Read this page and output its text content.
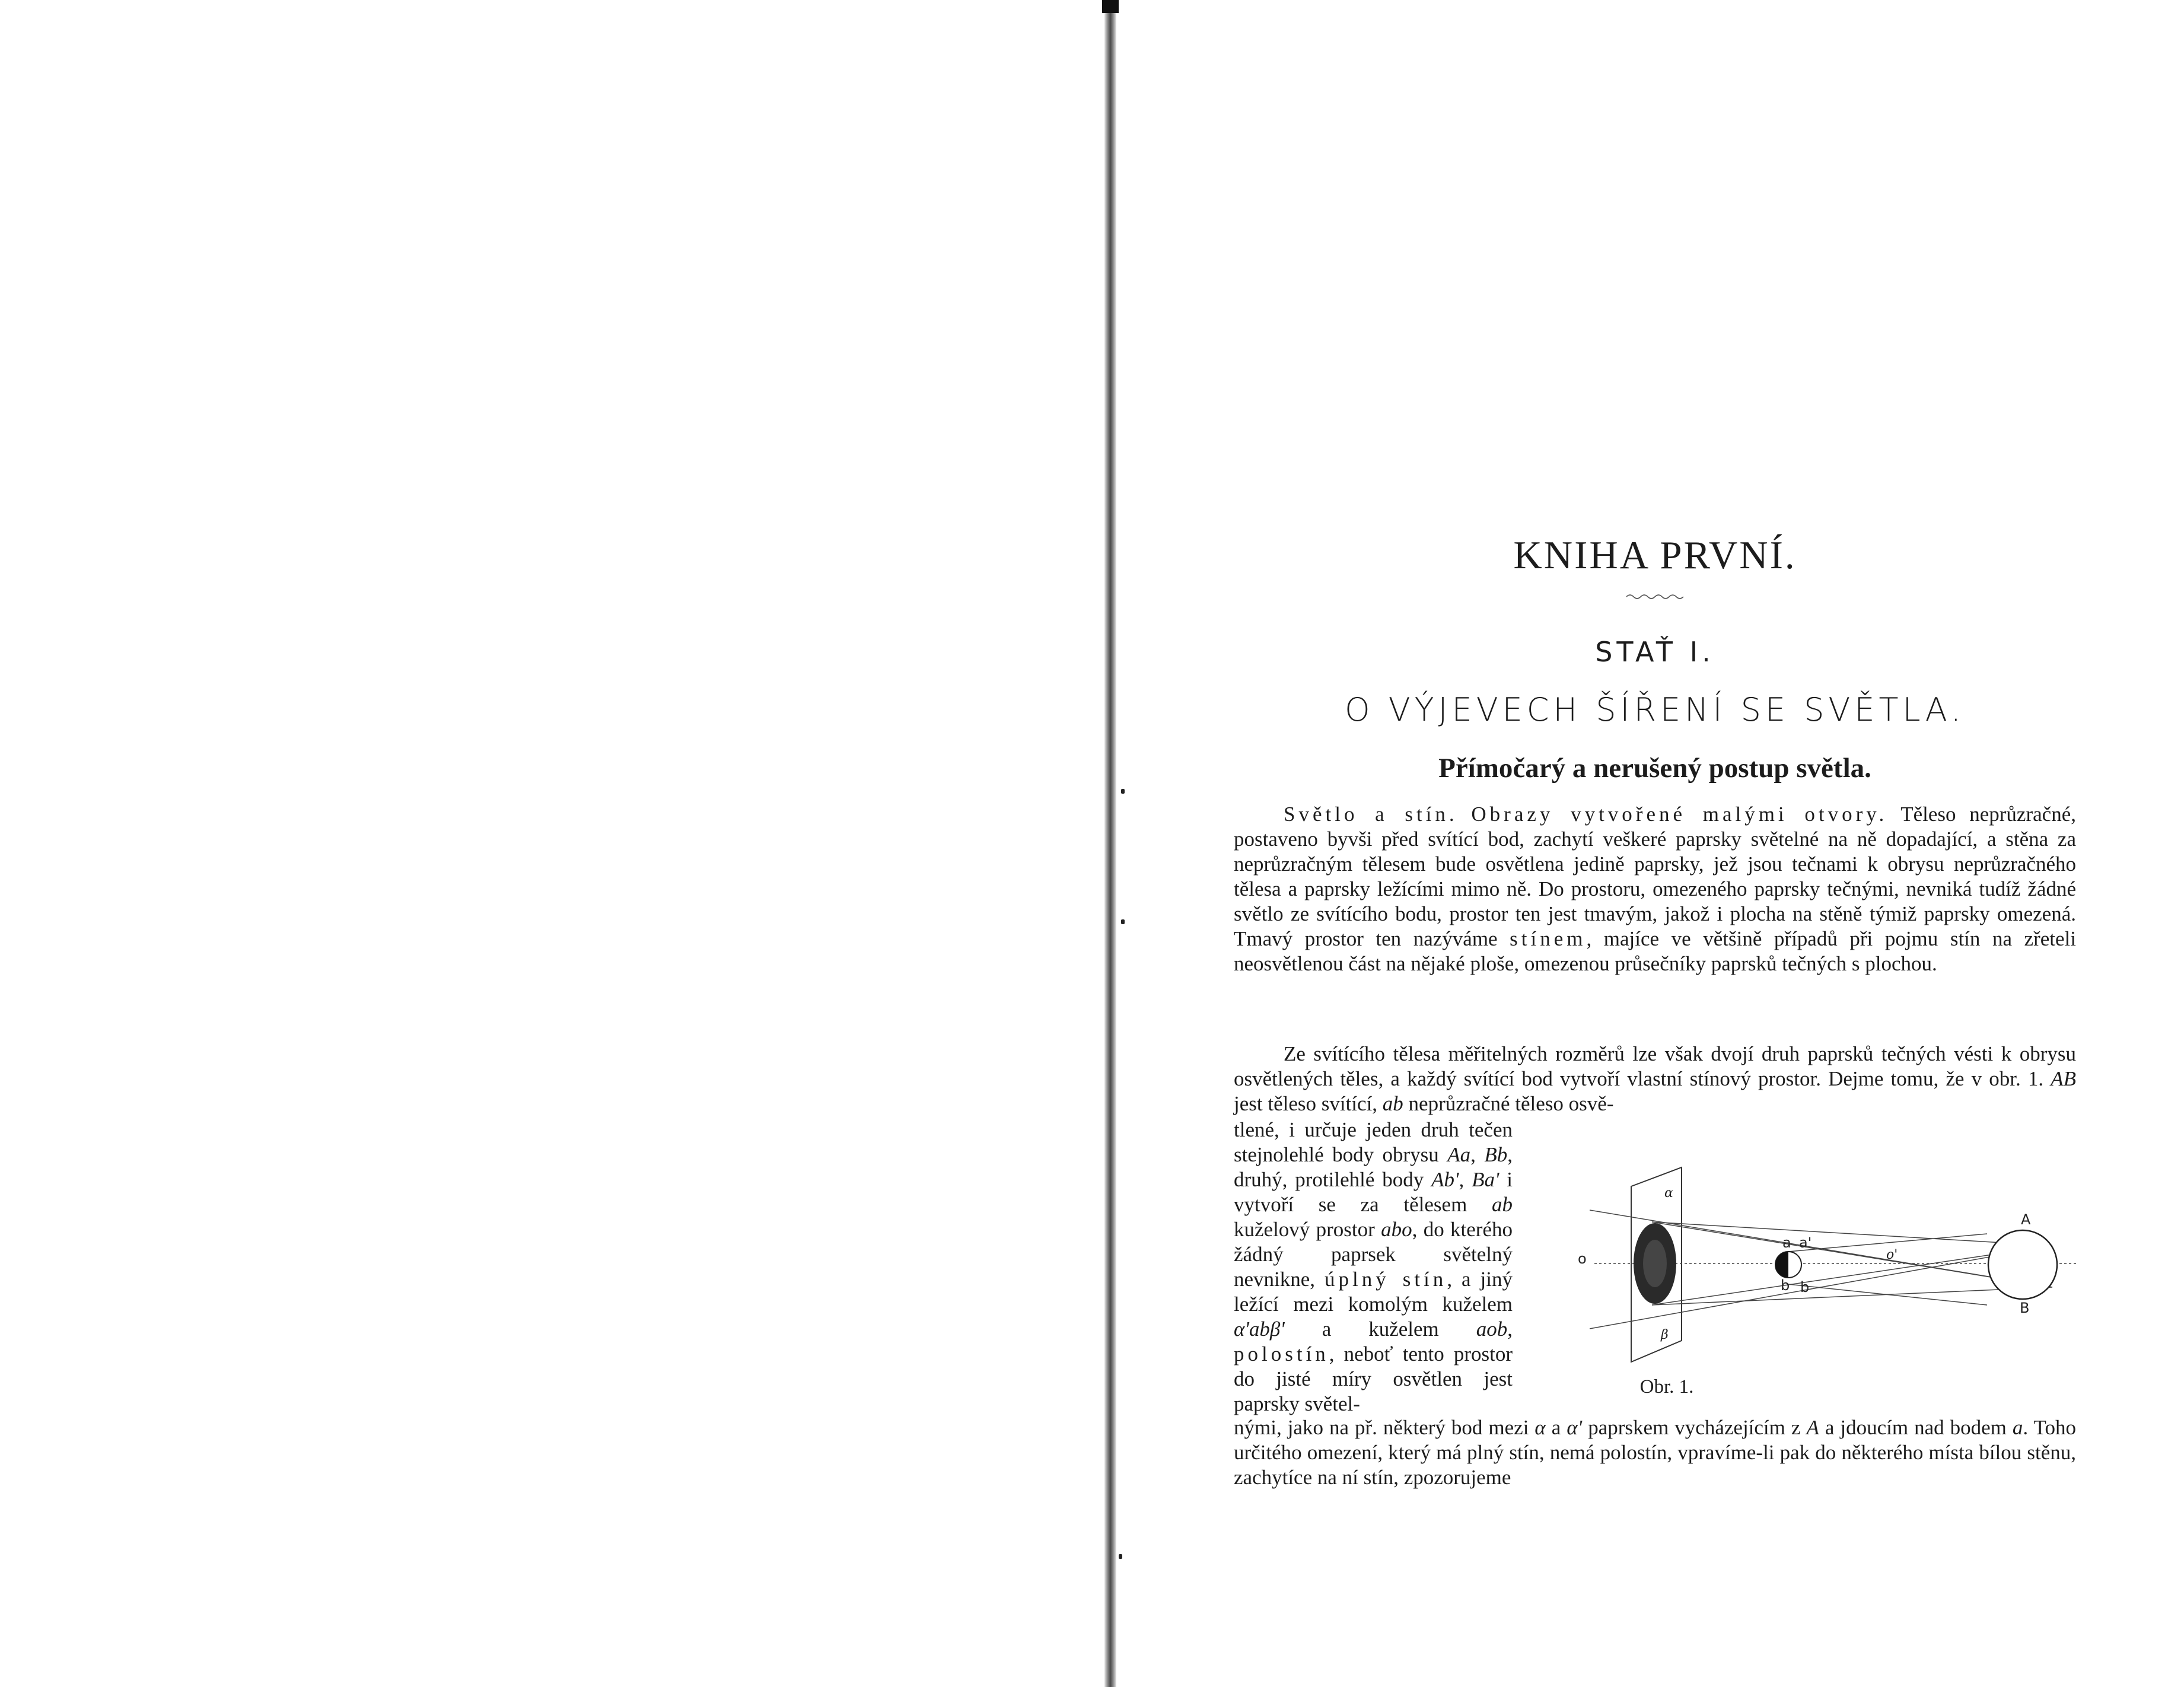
KNIHA PRVNÍ.
STAŤ I.
O VÝJEVECH ŠÍŘENÍ SE SVĚTLA.
Přímočarý a nerušený postup světla.
Světlo a stín. Obrazy vytvořené malými otvory. Těleso neprůzračné, postaveno byvši před svítící bod, zachytí veškeré paprsky světelné na ně dopadající, a stěna za neprůzračným tělesem bude osvětlena jedině paprsky, jež jsou tečnami k obrysu neprůzračného tělesa a paprsky ležícími mimo ně. Do prostoru, omezeného paprsky tečnými, nevniká tudíž žádné světlo ze svítícího bodu, prostor ten jest tmavým, jakož i plocha na stěně týmiž paprsky omezená. Tmavý prostor ten nazýváme stínem, majíce ve většině případů při pojmu stín na zřeteli neosvětlenou část na nějaké ploše, omezenou průsečníky paprsků tečných s plochou.
Ze svítícího tělesa měřitelných rozměrů lze však dvojí druh paprsků tečných vésti k obrysu osvětlených těles, a každý svítící bod vytvoří vlastní stínový prostor. Dejme tomu, že v obr. 1. AB jest těleso svítící, ab neprůzračné těleso osvě-
tlené, i určuje jeden druh tečen stejnolehlé body obrysu Aa, Bb, druhý, protilehlé body Ab', Ba' i vytvoří se za tělesem ab kuželový prostor abo, do kterého žádný paprsek světelný nevnikne, úplný stín, a jiný ležící mezi komolým kuželem α'abβ' a kuželem aob, polostín, neboť tento prostor do jisté míry osvětlen jest paprsky světel-
o
α
β
a a'
b b
o'
A
B
Obr. 1.
nými, jako na př. některý bod mezi α a α' paprskem vycházejícím z A a jdoucím nad bodem a. Toho určitého omezení, který má plný stín, nemá polostín, vpravíme-li pak do některého místa bílou stěnu, zachytíce na ní stín, zpozorujeme
